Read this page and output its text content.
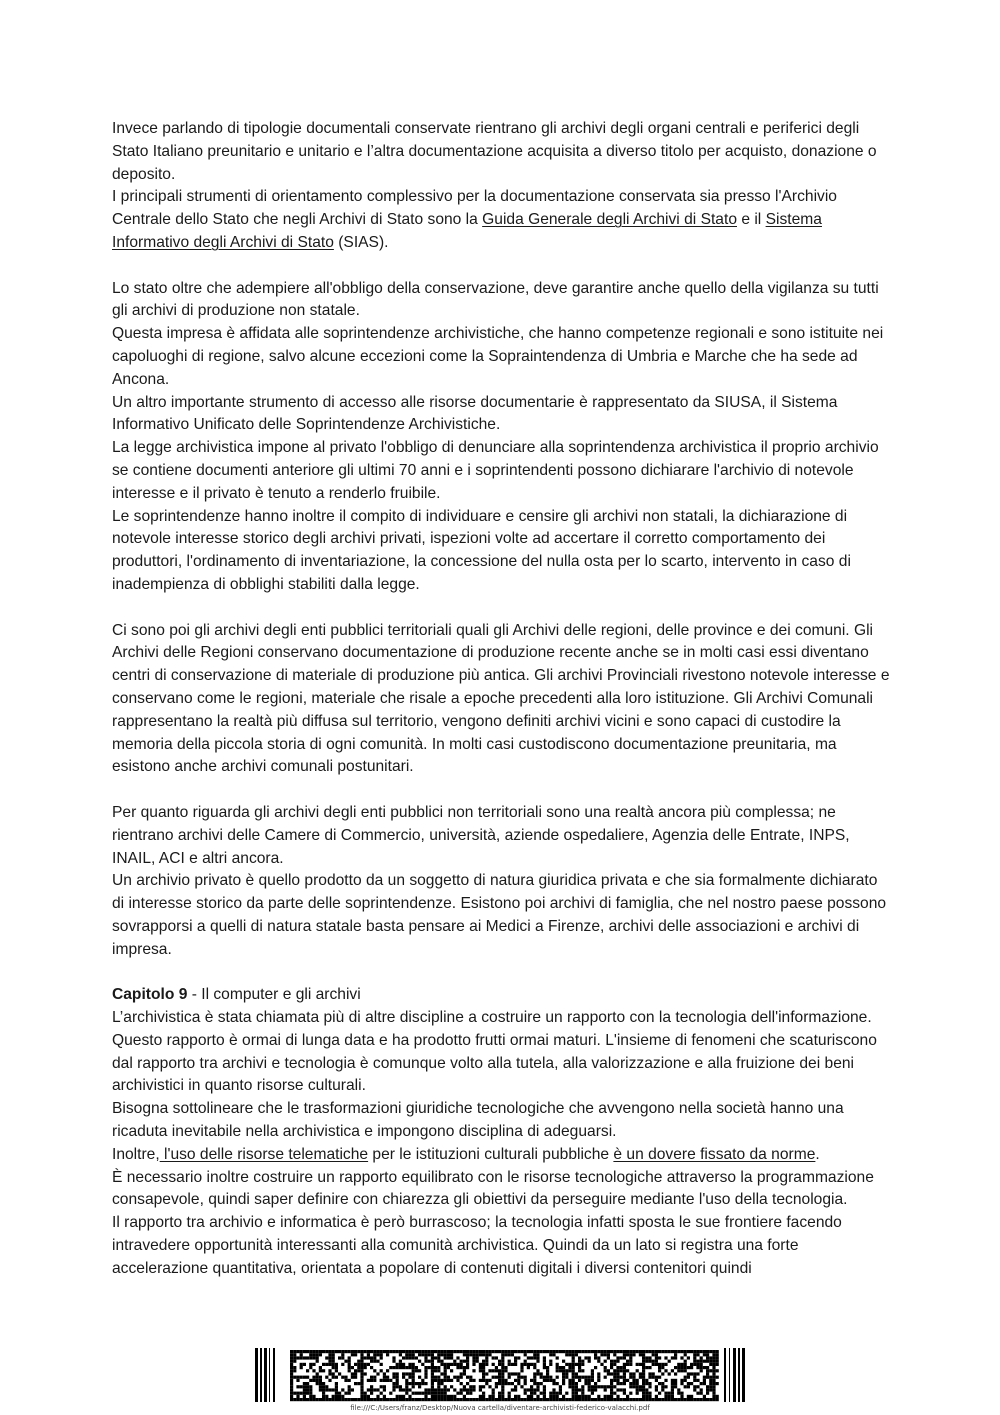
Invece parlando di tipologie documentali conservate rientrano gli archivi degli organi centrali e periferici degli Stato Italiano preunitario e unitario e l’altra documentazione acquisita a diverso titolo per acquisto, donazione o deposito.

I principali strumenti di orientamento complessivo per la documentazione conservata sia presso l'Archivio Centrale dello Stato che negli Archivi di Stato sono la Guida Generale degli Archivi di Stato e il Sistema Informativo degli Archivi di Stato (SIAS).

Lo stato oltre che adempiere all'obbligo della conservazione, deve garantire anche quello della vigilanza su tutti gli archivi di produzione non statale.

Questa impresa è affidata alle soprintendenze archivistiche, che hanno competenze regionali e sono istituite nei capoluoghi di regione, salvo alcune eccezioni come la Sopraintendenza di Umbria e Marche che ha sede ad Ancona.

Un altro importante strumento di accesso alle risorse documentarie è rappresentato da SIUSA, il Sistema Informativo Unificato delle Soprintendenze Archivistiche.

La legge archivistica impone al privato l'obbligo di denunciare alla soprintendenza archivistica il proprio archivio se contiene documenti anteriore gli ultimi 70 anni e i soprintendenti possono dichiarare l'archivio di notevole interesse e il privato è tenuto a renderlo fruibile.

Le soprintendenze hanno inoltre il compito di individuare e censire gli archivi non statali, la dichiarazione di notevole interesse storico degli archivi privati, ispezioni volte ad accertare il corretto comportamento dei produttori, l'ordinamento di inventariazione, la concessione del nulla osta per lo scarto, intervento in caso di inadempienza di obblighi stabiliti dalla legge.

Ci sono poi gli archivi degli enti pubblici territoriali quali gli Archivi delle regioni, delle province e dei comuni. Gli Archivi delle Regioni conservano documentazione di produzione recente anche se in molti casi essi diventano centri di conservazione di materiale di produzione più antica. Gli archivi Provinciali rivestono notevole interesse e conservano come le regioni, materiale che risale a epoche precedenti alla loro istituzione. Gli Archivi Comunali rappresentano la realtà più diffusa sul territorio, vengono definiti archivi vicini e sono capaci di custodire la memoria della piccola storia di ogni comunità. In molti casi custodiscono documentazione preunitaria, ma esistono anche archivi comunali postunitari.

Per quanto riguarda gli archivi degli enti pubblici non territoriali sono una realtà ancora più complessa; ne rientrano archivi delle Camere di Commercio, università, aziende ospedaliere, Agenzia delle Entrate, INPS, INAIL, ACI e altri ancora.

Un archivio privato è quello prodotto da un soggetto di natura giuridica privata e che sia formalmente dichiarato di interesse storico da parte delle soprintendenze. Esistono poi archivi di famiglia, che nel nostro paese possono sovrapporsi a quelli di natura statale basta pensare ai Medici a Firenze, archivi delle associazioni e archivi di impresa.

Capitolo 9 - Il computer e gli archivi

L’archivistica è stata chiamata più di altre discipline a costruire un rapporto con la tecnologia dell'informazione. Questo rapporto è ormai di lunga data e ha prodotto frutti ormai maturi. L'insieme di fenomeni che scaturiscono dal rapporto tra archivi e tecnologia è comunque volto alla tutela, alla valorizzazione e alla fruizione dei beni archivistici in quanto risorse culturali.

Bisogna sottolineare che le trasformazioni giuridiche tecnologiche che avvengono nella società hanno una ricaduta inevitabile nella archivistica e impongono disciplina di adeguarsi.

Inoltre, l'uso delle risorse telematiche per le istituzioni culturali pubbliche è un dovere fissato da norme.

È necessario inoltre costruire un rapporto equilibrato con le risorse tecnologiche attraverso la programmazione consapevole, quindi saper definire con chiarezza gli obiettivi da perseguire mediante l'uso della tecnologia.

Il rapporto tra archivio e informatica è però burrascoso; la tecnologia infatti sposta le sue frontiere facendo intravedere opportunità interessanti alla comunità archivistica. Quindi da un lato si registra una forte accelerazione quantitativa, orientata a popolare di contenuti digitali i diversi contenitori quindi

file:///C:/Users/franz/Desktop/Nuova cartella/diventare-archivisti-federico-valacchi.pdf
